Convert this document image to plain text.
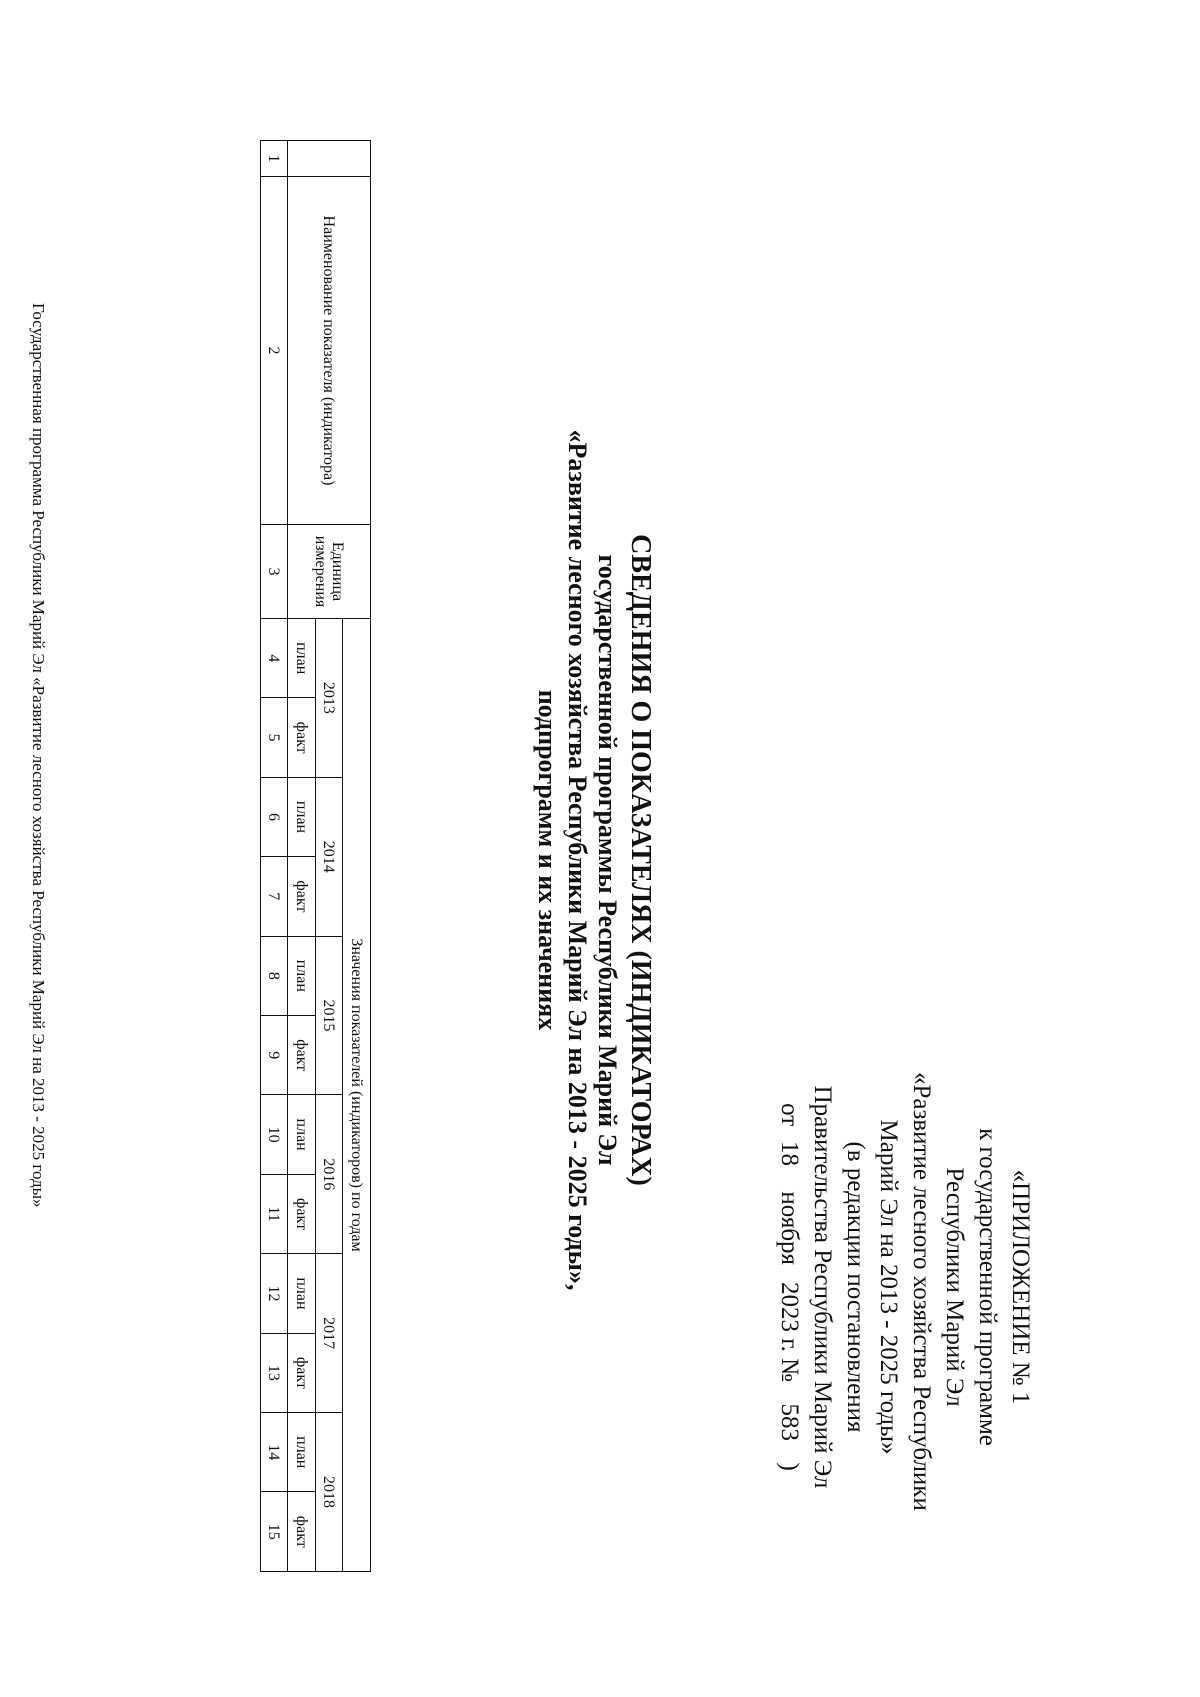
«ПРИЛОЖЕНИЕ № 1
к государственной программе
Республики Марий Эл
«Развитие лесного хозяйства Республики
Марий Эл на 2013 - 2025 годы»
(в редакции постановления
Правительства Республики Марий Эл
от 18 ноября 2023 г. № 583 )
СВЕДЕНИЯ О ПОКАЗАТЕЛЯХ (ИНДИКАТОРАХ)
государственной программы Республики Марий Эл
«Развитие лесного хозяйства Республики Марий Эл на 2013 - 2025 годы»,
подпрограмм и их значениях
	Наименование показателя (индикатора)	Единица измерения	Значения показателей (индикаторов) по годам											
			2013		2014		2015		2016		2017		2018	
			план	факт	план	факт	план	факт	план	факт	план	факт	план	факт
1	2	3	4	5	6	7	8	9	10	11	12	13	14	15
Государственная программа Республики Марий Эл «Развитие лесного хозяйства Республики Марий Эл на 2013 - 2025 годы»
